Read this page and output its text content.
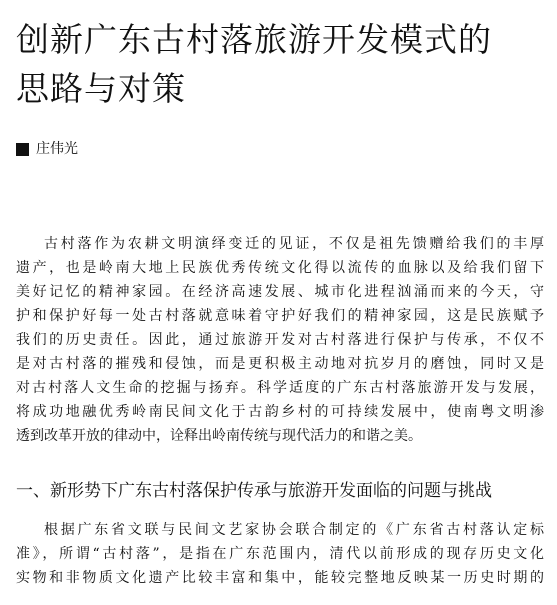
创新广东古村落旅游开发模式的
思路与对策
庄伟光
古村落作为农耕文明演绎变迁的见证，不仅是祖先馈赠给我们的丰厚
遗产，也是岭南大地上民族优秀传统文化得以流传的血脉以及给我们留下
美好记忆的精神家园。在经济高速发展、城市化进程汹涌而来的今天，守
护和保护好每一处古村落就意味着守护好我们的精神家园，这是民族赋予
我们的历史责任。因此，通过旅游开发对古村落进行保护与传承，不仅不
是对古村落的摧残和侵蚀，而是更积极主动地对抗岁月的磨蚀，同时又是
对古村落人文生命的挖掘与扬弃。科学适度的广东古村落旅游开发与发展，
将成功地融优秀岭南民间文化于古韵乡村的可持续发展中，使南粤文明渗
透到改革开放的律动中，诠释出岭南传统与现代活力的和谐之美。
一、新形势下广东古村落保护传承与旅游开发面临的问题与挑战
根据广东省文联与民间文艺家协会联合制定的《广东省古村落认定标
准》，所谓“古村落”，是指在广东范围内，清代以前形成的现存历史文化
实物和非物质文化遗产比较丰富和集中，能较完整地反映某一历史时期的
